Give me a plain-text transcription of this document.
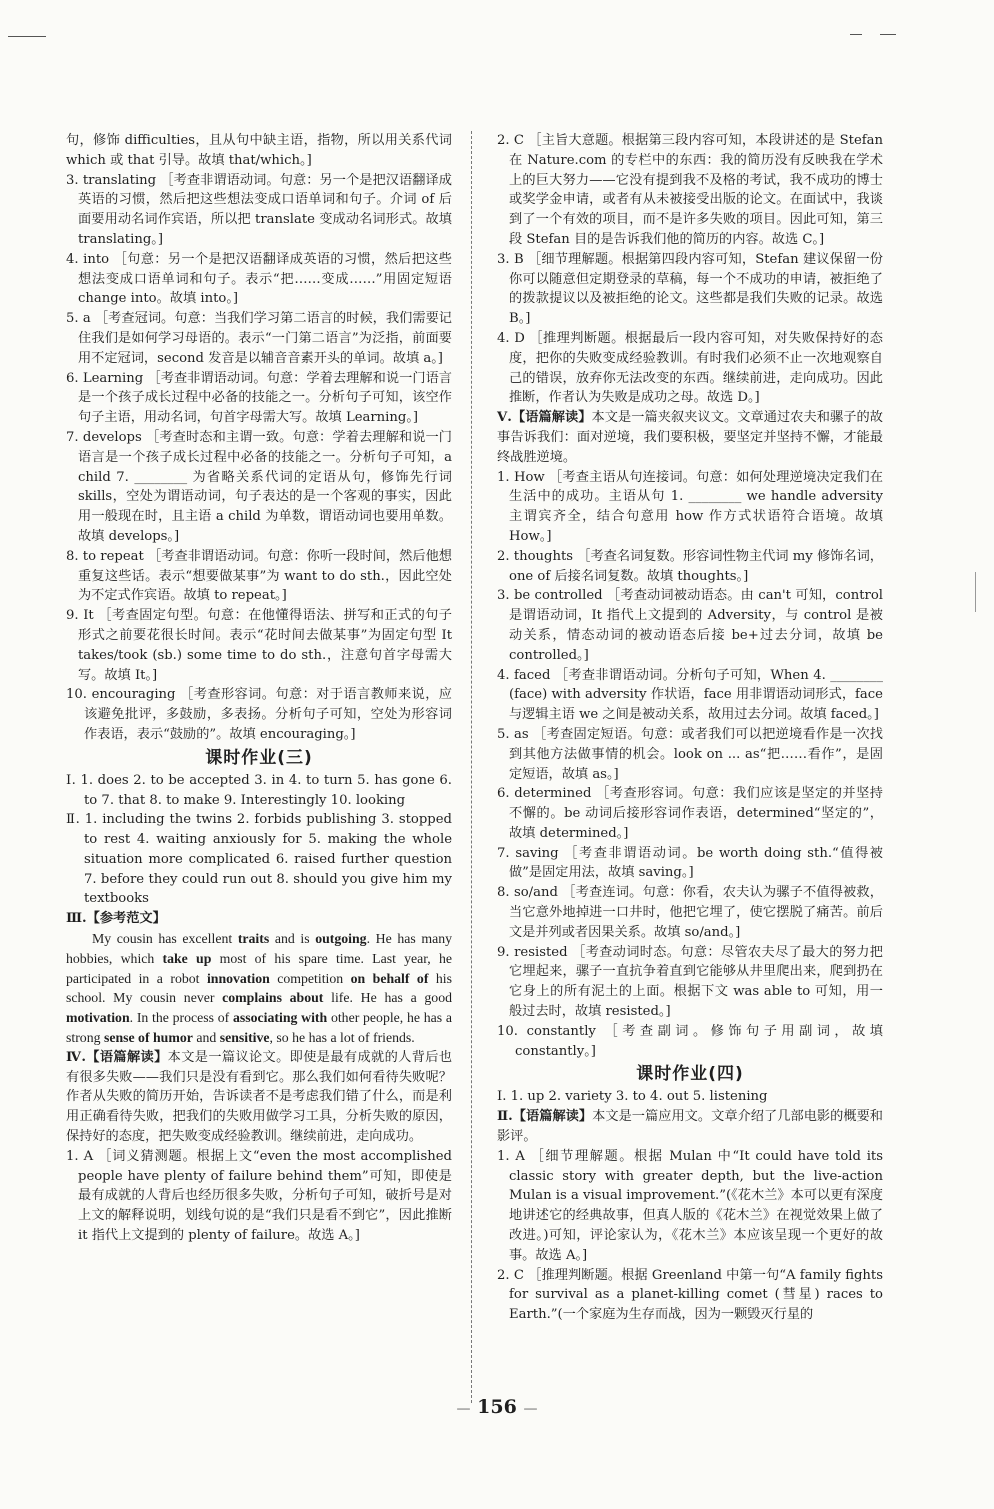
句，修饰 difficulties，且从句中缺主语，指物，所以用关系代词 which 或 that 引导。故填 that/which。]

3. translating ［考查非谓语动词。句意：另一个是把汉语翻译成英语的习惯，然后把这些想法变成口语单词和句子。介词 of 后面要用动名词作宾语，所以把 translate 变成动名词形式。故填 translating。]

4. into ［句意：另一个是把汉语翻译成英语的习惯，然后把这些想法变成口语单词和句子。表示“把……变成……”用固定短语 change into。故填 into。]

5. a ［考查冠词。句意：当我们学习第二语言的时候，我们需要记住我们是如何学习母语的。表示“一门第二语言”为泛指，前面要用不定冠词，second 发音是以辅音音素开头的单词。故填 a。]

6. Learning ［考查非谓语动词。句意：学着去理解和说一门语言是一个孩子成长过程中必备的技能之一。分析句子可知，该空作句子主语，用动名词，句首字母需大写。故填 Learning。]

7. develops ［考查时态和主谓一致。句意：学着去理解和说一门语言是一个孩子成长过程中必备的技能之一。分析句子可知，a child 7. ________ 为省略关系代词的定语从句，修饰先行词 skills，空处为谓语动词，句子表达的是一个客观的事实，因此用一般现在时，且主语 a child 为单数，谓语动词也要用单数。故填 develops。]

8. to repeat ［考查非谓语动词。句意：你听一段时间，然后他想重复这些话。表示“想要做某事”为 want to do sth.，因此空处为不定式作宾语。故填 to repeat。]

9. It ［考查固定句型。句意：在他懂得语法、拼写和正式的句子形式之前要花很长时间。表示“花时间去做某事”为固定句型 It takes/took (sb.) some time to do sth.，注意句首字母需大写。故填 It。]

10. encouraging ［考查形容词。句意：对于语言教师来说，应该避免批评，多鼓励，多表扬。分析句子可知，空处为形容词作表语，表示“鼓励的”。故填 encouraging。]

课时作业(三)

Ⅰ. 1. does 2. to be accepted 3. in 4. to turn 5. has gone 6. to 7. that 8. to make 9. Interestingly 10. looking

Ⅱ. 1. including the twins 2. forbids publishing 3. stopped to rest 4. waiting anxiously for 5. making the whole situation more complicated 6. raised further question 7. before they could run out 8. should you give him my textbooks

Ⅲ.【参考范文】

My cousin has excellent traits and is outgoing. He has many hobbies, which take up most of his spare time. Last year, he participated in a robot innovation competition on behalf of his school. My cousin never complains about life. He has a good motivation. In the process of associating with other people, he has a strong sense of humor and sensitive, so he has a lot of friends.

Ⅳ.【语篇解读】本文是一篇议论文。即使是最有成就的人背后也有很多失败——我们只是没有看到它。那么我们如何看待失败呢？作者从失败的简历开始，告诉读者不是考虑我们错了什么，而是利用正确看待失败，把我们的失败用做学习工具，分析失败的原因，保持好的态度，把失败变成经验教训。继续前进，走向成功。

1. A ［词义猜测题。根据上文“even the most accomplished people have plenty of failure behind them”可知，即使是最有成就的人背后也经历很多失败，分析句子可知，破折号是对上文的解释说明，划线句说的是“我们只是看不到它”，因此推断 it 指代上文提到的 plenty of failure。故选 A。]

2. C ［主旨大意题。根据第三段内容可知，本段讲述的是 Stefan 在 Nature.com 的专栏中的东西：我的简历没有反映我在学术上的巨大努力——它没有提到我不及格的考试，我不成功的博士或奖学金申请，或者有从未被接受出版的论文。在面试中，我谈到了一个有效的项目，而不是许多失败的项目。因此可知，第三段 Stefan 目的是告诉我们他的简历的内容。故选 C。]

3. B ［细节理解题。根据第四段内容可知，Stefan 建议保留一份你可以随意但定期登录的草稿，每一个不成功的申请，被拒绝了的拨款提议以及被拒绝的论文。这些都是我们失败的记录。故选 B。]

4. D ［推理判断题。根据最后一段内容可知，对失败保持好的态度，把你的失败变成经验教训。有时我们必须不止一次地观察自己的错误，放弃你无法改变的东西。继续前进，走向成功。因此推断，作者认为失败是成功之母。故选 D。]

Ⅴ.【语篇解读】本文是一篇夹叙夹议文。文章通过农夫和骡子的故事告诉我们：面对逆境，我们要积极，要坚定并坚持不懈，才能最终战胜逆境。

1. How ［考查主语从句连接词。句意：如何处理逆境决定我们在生活中的成功。主语从句 1. ________ we handle adversity 主谓宾齐全，结合句意用 how 作方式状语符合语境。故填 How。]

2. thoughts ［考查名词复数。形容词性物主代词 my 修饰名词，one of 后接名词复数。故填 thoughts。]

3. be controlled ［考查动词被动语态。由 can't 可知，control 是谓语动词，It 指代上文提到的 Adversity，与 control 是被动关系，情态动词的被动语态后接 be+过去分词，故填 be controlled。]

4. faced ［考查非谓语动词。分析句子可知，When 4. ________ (face) with adversity 作状语，face 用非谓语动词形式，face 与逻辑主语 we 之间是被动关系，故用过去分词。故填 faced。]

5. as ［考查固定短语。句意：或者我们可以把逆境看作是一次找到其他方法做事情的机会。look on ... as“把……看作”，是固定短语，故填 as。]

6. determined ［考查形容词。句意：我们应该是坚定的并坚持不懈的。be 动词后接形容词作表语，determined“坚定的”，故填 determined。]

7. saving ［考查非谓语动词。be worth doing sth.“值得被做”是固定用法，故填 saving。]

8. so/and ［考查连词。句意：你看，农夫认为骡子不值得被救，当它意外地掉进一口井时，他把它埋了，使它摆脱了痛苦。前后文是并列或者因果关系。故填 so/and。]

9. resisted ［考查动词时态。句意：尽管农夫尽了最大的努力把它埋起来，骡子一直抗争着直到它能够从井里爬出来，爬到扔在它身上的所有泥土的上面。根据下文 was able to 可知，用一般过去时，故填 resisted。]

10. constantly ［考查副词。修饰句子用副词，故填 constantly。]

课时作业(四)

Ⅰ. 1. up 2. variety 3. to 4. out 5. listening

Ⅱ.【语篇解读】本文是一篇应用文。文章介绍了几部电影的概要和影评。

1. A ［细节理解题。根据 Mulan 中“It could have told its classic story with greater depth, but the live-action Mulan is a visual improvement.”(《花木兰》本可以更有深度地讲述它的经典故事，但真人版的《花木兰》在视觉效果上做了改进。)可知，评论家认为，《花木兰》本应该呈现一个更好的故事。故选 A。]

2. C ［推理判断题。根据 Greenland 中第一句“A family fights for survival as a planet-killing comet (彗星) races to Earth.”(一个家庭为生存而战，因为一颗毁灭行星的

— 156 —
